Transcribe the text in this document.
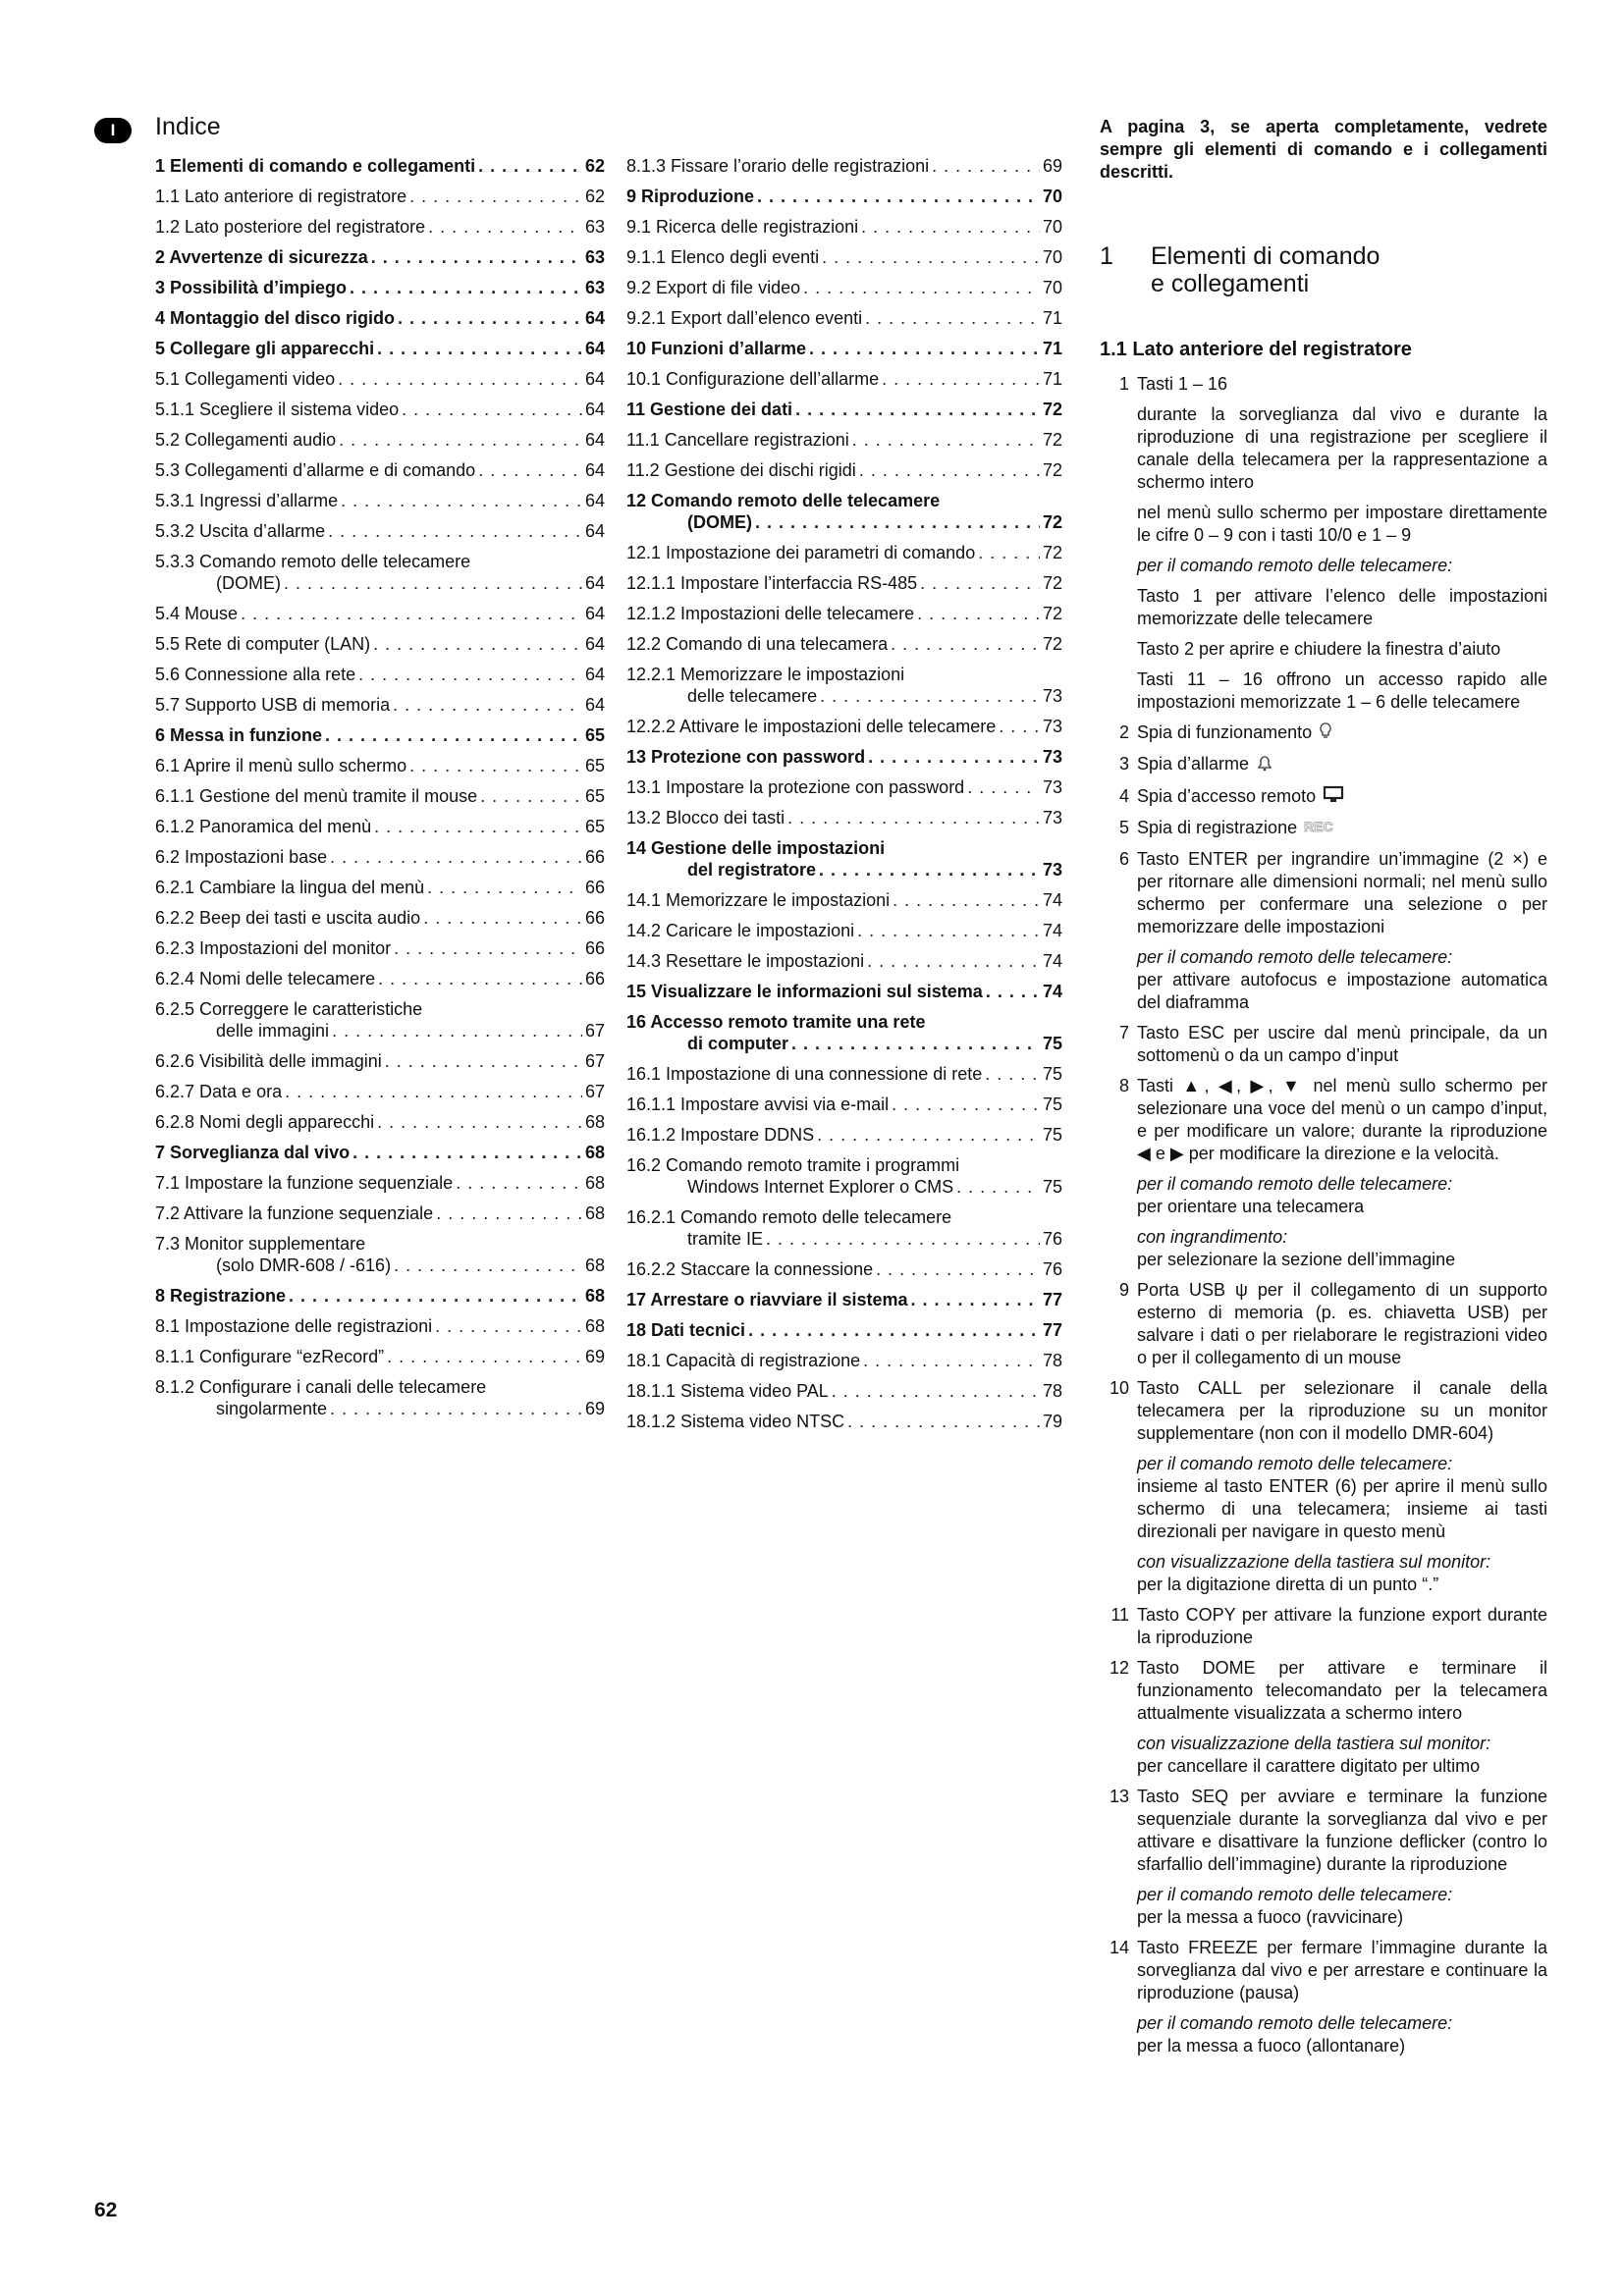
I	Indice
1 Elementi di comando e collegamenti . . .	62
1.1 Lato anteriore di registratore . . .	62
1.2 Lato posteriore del registratore . . .	63
2 Avvertenze di sicurezza . . .	63
3 Possibilità d’impiego . . .	63
4 Montaggio del disco rigido . . .	64
5 Collegare gli apparecchi . . .	64
5.1 Collegamenti video . . .	64
5.1.1 Scegliere il sistema video . . .	64
5.2 Collegamenti audio . . .	64
5.3 Collegamenti d’allarme e di comando . . .	64
5.3.1 Ingressi d’allarme . . .	64
5.3.2 Uscita d’allarme . . .	64
5.3.3 Comando remoto delle telecamere
(DOME) . . .	64
5.4 Mouse . . .	64
5.5 Rete di computer (LAN) . . .	64
5.6 Connessione alla rete . . .	64
5.7 Supporto USB di memoria . . .	64
6 Messa in funzione . . .	65
6.1 Aprire il menù sullo schermo . . .	65
6.1.1 Gestione del menù tramite il mouse . . .	65
6.1.2 Panoramica del menù . . .	65
6.2 Impostazioni base . . .	66
6.2.1 Cambiare la lingua del menù . . .	66
6.2.2 Beep dei tasti e uscita audio . . .	66
6.2.3 Impostazioni del monitor . . .	66
6.2.4 Nomi delle telecamere . . .	66
6.2.5 Correggere le caratteristiche
delle immagini . . .	67
6.2.6 Visibilità delle immagini . . .	67
6.2.7 Data e ora . . .	67
6.2.8 Nomi degli apparecchi . . .	68
7 Sorveglianza dal vivo . . .	68
7.1 Impostare la funzione sequenziale . . .	68
7.2 Attivare la funzione sequenziale . . .	68
7.3 Monitor supplementare
(solo DMR-608 / -616) . . .	68
8 Registrazione . . .	68
8.1 Impostazione delle registrazioni . . .	68
8.1.1 Configurare “ezRecord” . . .	69
8.1.2 Configurare i canali delle telecamere
singolarmente . . .	69
8.1.3 Fissare l’orario delle registrazioni . . .	69
9 Riproduzione . . .	70
9.1 Ricerca delle registrazioni . . .	70
9.1.1 Elenco degli eventi . . .	70
9.2 Export di file video . . .	70
9.2.1 Export dall’elenco eventi . . .	71
10 Funzioni d’allarme . . .	71
10.1 Configurazione dell’allarme . . .	71
11 Gestione dei dati . . .	72
11.1 Cancellare registrazioni . . .	72
11.2 Gestione dei dischi rigidi . . .	72
12 Comando remoto delle telecamere
(DOME) . . .	72
12.1 Impostazione dei parametri di comando . . .	72
12.1.1 Impostare l’interfaccia RS-485 . . .	72
12.1.2 Impostazioni delle telecamere . . .	72
12.2 Comando di una telecamera . . .	72
12.2.1 Memorizzare le impostazioni
delle telecamere . . .	73
12.2.2 Attivare le impostazioni delle telecamere . . .	73
13 Protezione con password . . .	73
13.1 Impostare la protezione con password . . .	73
13.2 Blocco dei tasti . . .	73
14 Gestione delle impostazioni
del registratore . . .	73
14.1 Memorizzare le impostazioni . . .	74
14.2 Caricare le impostazioni . . .	74
14.3 Resettare le impostazioni . . .	74
15 Visualizzare le informazioni sul sistema . . .	74
16 Accesso remoto tramite una rete
di computer . . .	75
16.1 Impostazione di una connessione di rete . . .	75
16.1.1 Impostare avvisi via e-mail . . .	75
16.1.2 Impostare DDNS . . .	75
16.2 Comando remoto tramite i programmi
Windows Internet Explorer o CMS . . .	75
16.2.1 Comando remoto delle telecamere
tramite IE . . .	76
16.2.2 Staccare la connessione . . .	76
17 Arrestare o riavviare il sistema . . .	77
18 Dati tecnici . . .	77
18.1 Capacità di registrazione . . .	78
18.1.1 Sistema video PAL . . .	78
18.1.2 Sistema video NTSC . . .	79
A pagina 3, se aperta completamente, vedrete sempre gli elementi di comando e i collegamenti descritti.
1	Elementi di comando
e collegamenti
1.1 Lato anteriore del registratore
1 Tasti 1 – 16

durante la sorveglianza dal vivo e durante la riproduzione di una registrazione per scegliere il canale della telecamera per la rappresentazione a schermo intero

nel menù sullo schermo per impostare direttamente le cifre 0 – 9 con i tasti 10/0 e 1 – 9

per il comando remoto delle telecamere:

Tasto 1 per attivare l’elenco delle impostazioni memorizzate delle telecamere

Tasto 2 per aprire e chiudere la finestra d’aiuto

Tasti 11 – 16 offrono un accesso rapido alle impostazioni memorizzate 1 – 6 delle telecamere

2 Spia di funzionamento

3 Spia d’allarme

4 Spia d’accesso remoto

5 Spia di registrazione REC

6 Tasto ENTER per ingrandire un’immagine (2 ×) e per ritornare alle dimensioni normali; nel menù sullo schermo per confermare una selezione o per memorizzare delle impostazioni

per il comando remoto delle telecamere:

per attivare autofocus e impostazione automatica del diaframma

7 Tasto ESC per uscire dal menù principale, da un sottomenù o da un campo d’input

8 Tasti ▲, ◀, ▶, ▼ nel menù sullo schermo per selezionare una voce del menù o un campo d’input, e per modificare un valore; durante la riproduzione ◀ e ▶ per modificare la direzione e la velocità.

per il comando remoto delle telecamere:

per orientare una telecamera

con ingrandimento:

per selezionare la sezione dell’immagine

9 Porta USB ψ per il collegamento di un supporto esterno di memoria (p. es. chiavetta USB) per salvare i dati o per rielaborare le registrazioni video o per il collegamento di un mouse

10 Tasto CALL per selezionare il canale della telecamera per la riproduzione su un monitor supplementare (non con il modello DMR-604)

per il comando remoto delle telecamere:

insieme al tasto ENTER (6) per aprire il menù sullo schermo di una telecamera; insieme ai tasti direzionali per navigare in questo menù

con visualizzazione della tastiera sul monitor:

per la digitazione diretta di un punto “.”

11 Tasto COPY per attivare la funzione export durante la riproduzione

12 Tasto DOME per attivare e terminare il funzionamento telecomandato per la telecamera attualmente visualizzata a schermo intero

con visualizzazione della tastiera sul monitor:

per cancellare il carattere digitato per ultimo

13 Tasto SEQ per avviare e terminare la funzione sequenziale durante la sorveglianza dal vivo e per attivare e disattivare la funzione deflicker (contro lo sfarfallio dell’immagine) durante la riproduzione

per il comando remoto delle telecamere:

per la messa a fuoco (ravvicinare)

14 Tasto FREEZE per fermare l’immagine durante la sorveglianza dal vivo e per arrestare e continuare la riproduzione (pausa)

per il comando remoto delle telecamere:

per la messa a fuoco (allontanare)

62
